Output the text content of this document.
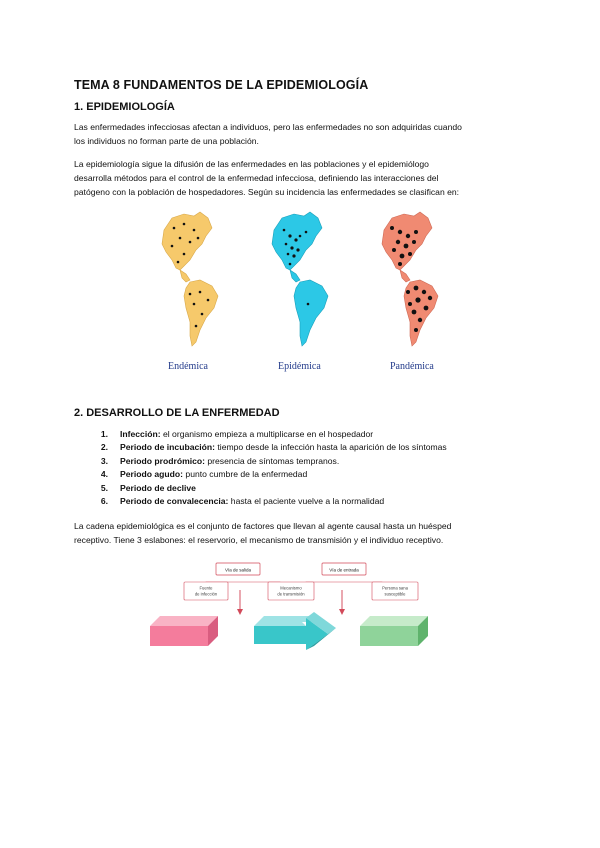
TEMA 8 FUNDAMENTOS DE LA EPIDEMIOLOGÍA
1. EPIDEMIOLOGÍA
Las enfermedades infecciosas afectan a individuos, pero las enfermedades no son adquiridas cuando
los individuos no forman parte de una población.
La epidemiología sigue la difusión de las enfermedades en las poblaciones y el epidemiólogo
desarrolla métodos para el control de la enfermedad infecciosa, definiendo las interacciones del
patógeno con la población de hospedadores. Según su incidencia las enfermedades se clasifican en:
Endémica	Epidémica	Pandémica
2. DESARROLLO DE LA ENFERMEDAD
1.	Infección: el organismo empieza a multiplicarse en el hospedador
2.	Periodo de incubación: tiempo desde la infección hasta la aparición de los síntomas
3.	Periodo prodrómico: presencia de síntomas tempranos.
4.	Periodo agudo: punto cumbre de la enfermedad
5.	Periodo de declive
6.	Periodo de convalecencia: hasta el paciente vuelve a la normalidad
La cadena epidemiológica es el conjunto de factores que llevan al agente causal hasta un huésped
receptivo. Tiene 3 eslabones: el reservorio, el mecanismo de transmisión y el individuo receptivo.
Vía de salida	Vía de entrada
Fuente
de infección
Mecanismo
de transmisión
Persona sana
susceptible
